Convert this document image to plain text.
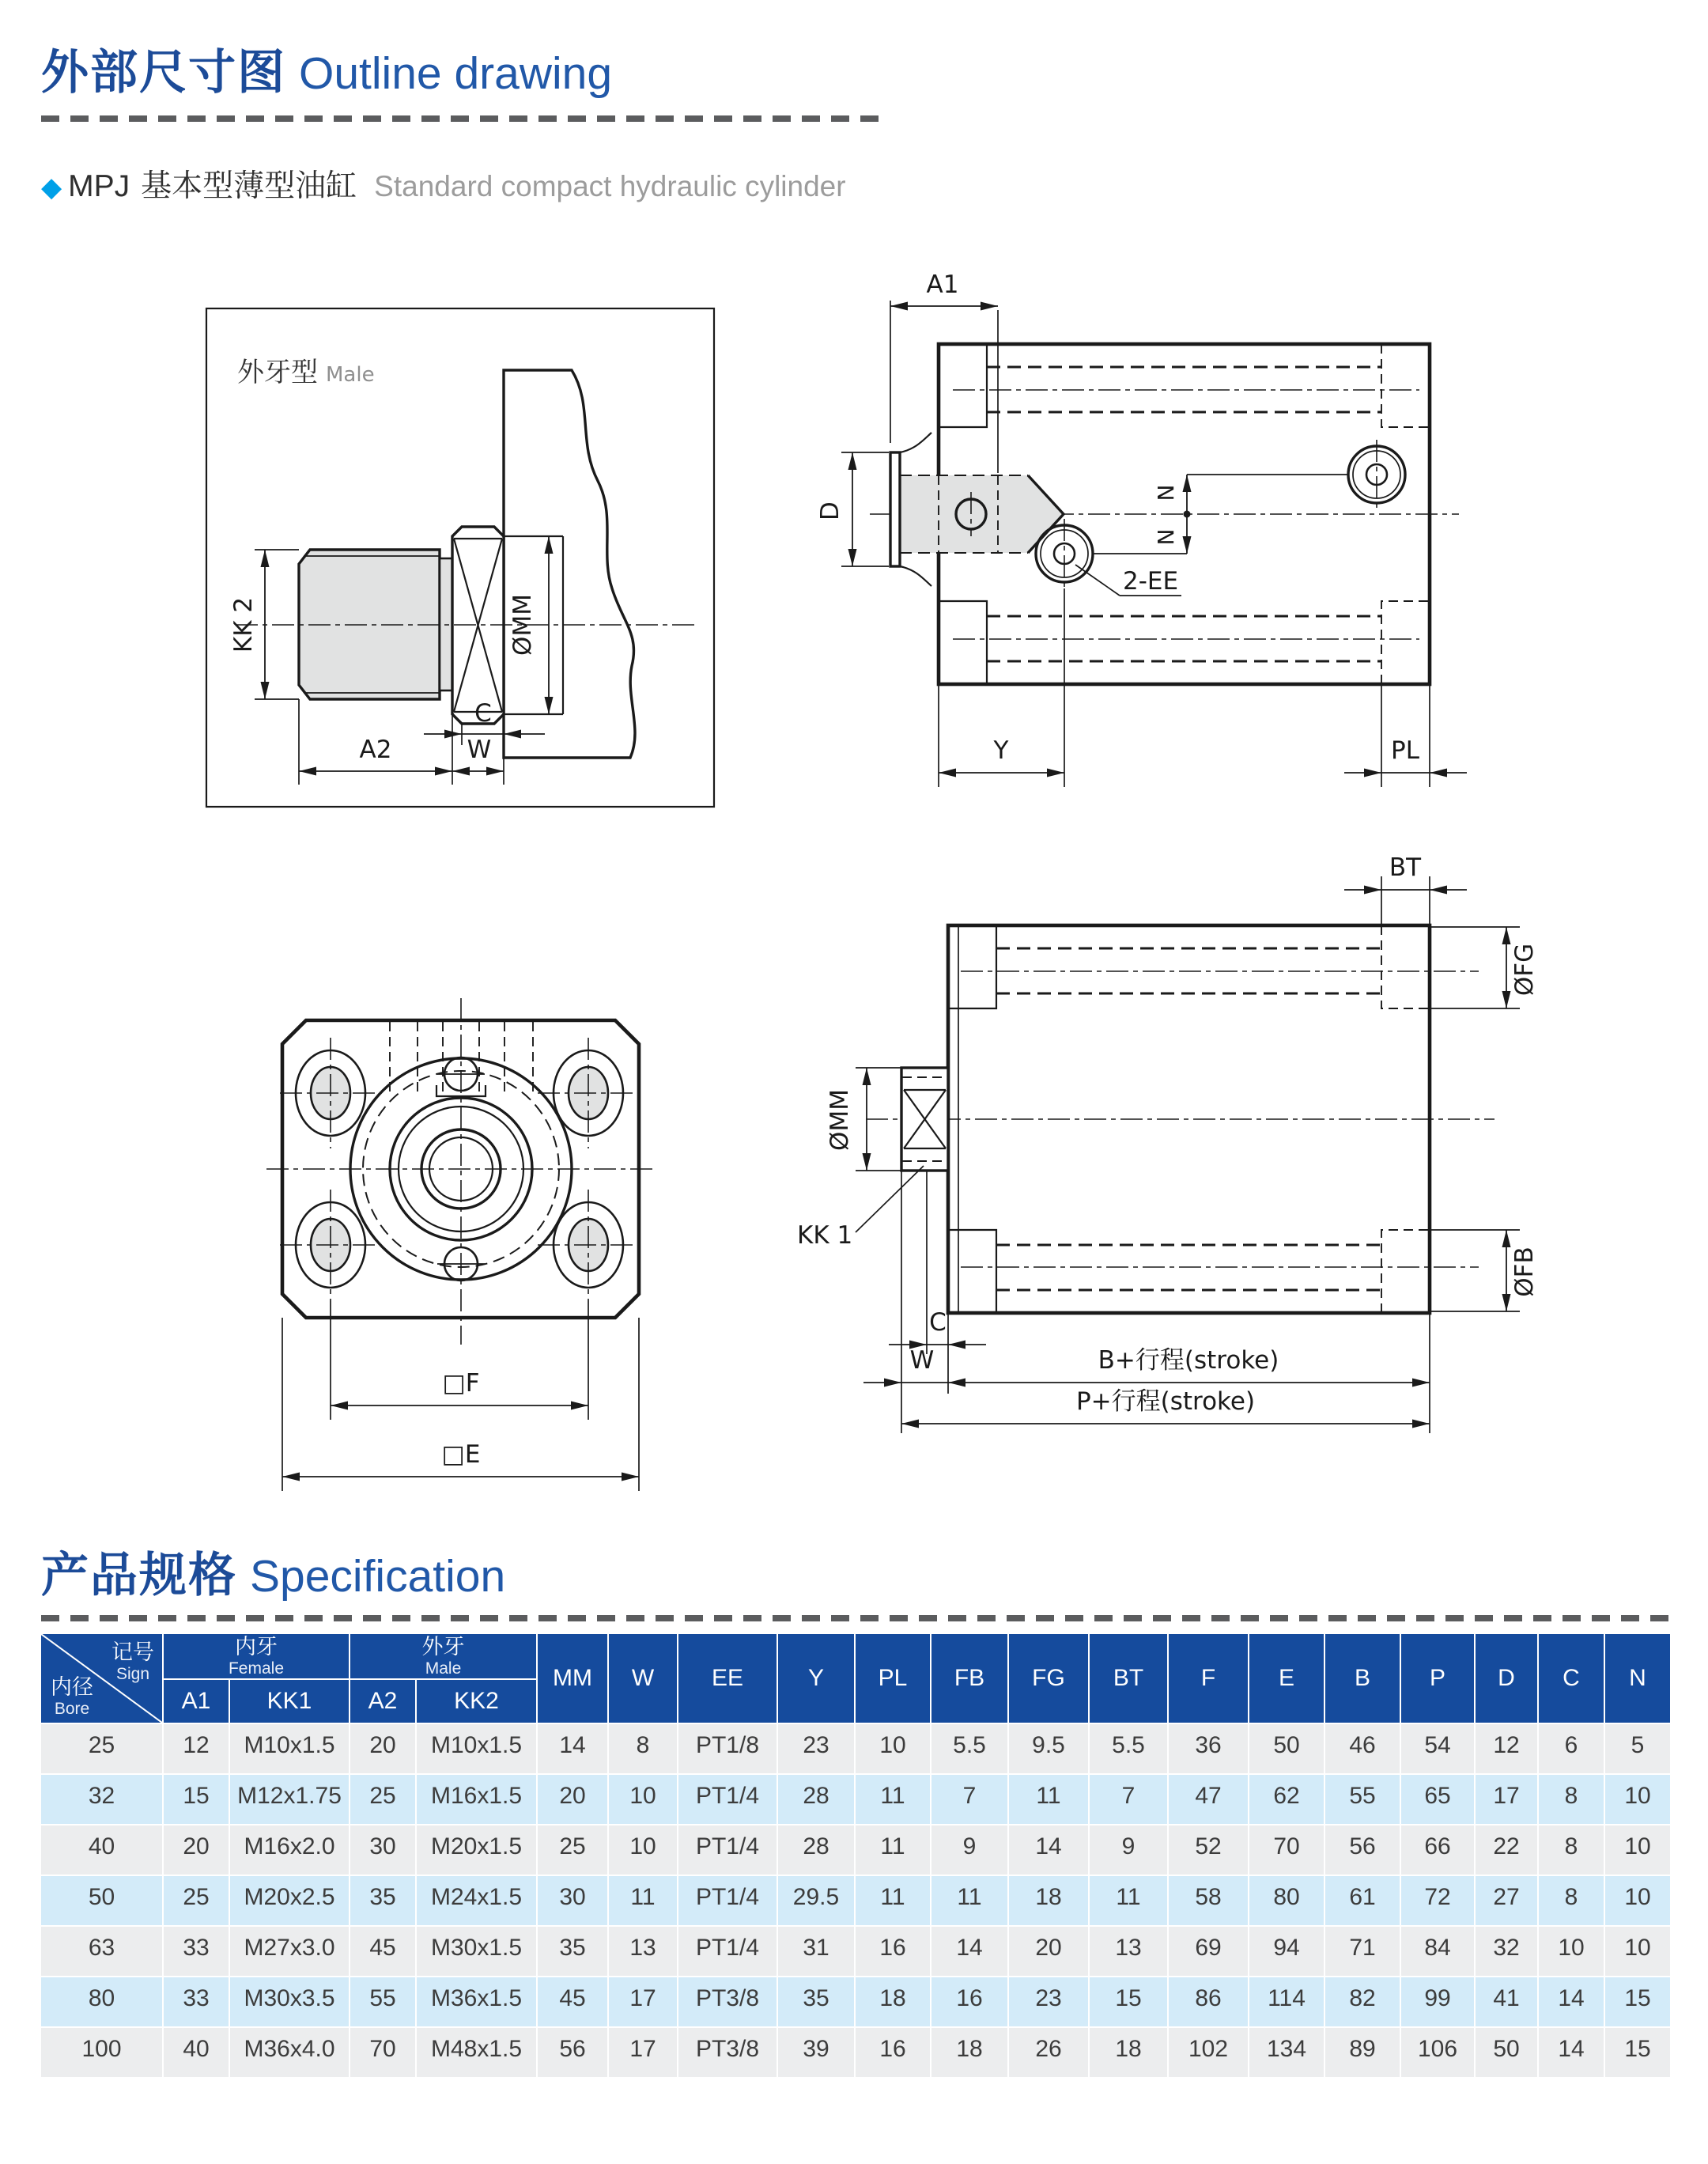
外部尺寸图 Outline drawing
◆ MPJ 基本型薄型油缸 Standard compact hydraulic cylinder
外牙型 Male
KK 2	ØMM
C
A2	W
A1
D
N
N
2-EE
Y	PL
□F
□E
BT
ØFG
ØFB
ØMM
KK 1
C
W	B+行程(stroke)
P+行程(stroke)
产品规格 Specification
记号
Sign
内径
Bore

内牙
Female

外牙
Male	MM	W	EE	Y	PL	FB	FG	BT	F	E	B	P	D	C	N
	A1	KK1	A2	KK2															
25	12	M10x1.5	20	M10x1.5	14	8	PT1/8	23	10	5.5	9.5	5.5	36	50	46	54	12	6	5
32	15	M12x1.75	25	M16x1.5	20	10	PT1/4	28	11	7	11	7	47	62	55	65	17	8	10
40	20	M16x2.0	30	M20x1.5	25	10	PT1/4	28	11	9	14	9	52	70	56	66	22	8	10
50	25	M20x2.5	35	M24x1.5	30	11	PT1/4	29.5	11	11	18	11	58	80	61	72	27	8	10
63	33	M27x3.0	45	M30x1.5	35	13	PT1/4	31	16	14	20	13	69	94	71	84	32	10	10
80	33	M30x3.5	55	M36x1.5	45	17	PT3/8	35	18	16	23	15	86	114	82	99	41	14	15
100	40	M36x4.0	70	M48x1.5	56	17	PT3/8	39	16	18	26	18	102	134	89	106	50	14	15
